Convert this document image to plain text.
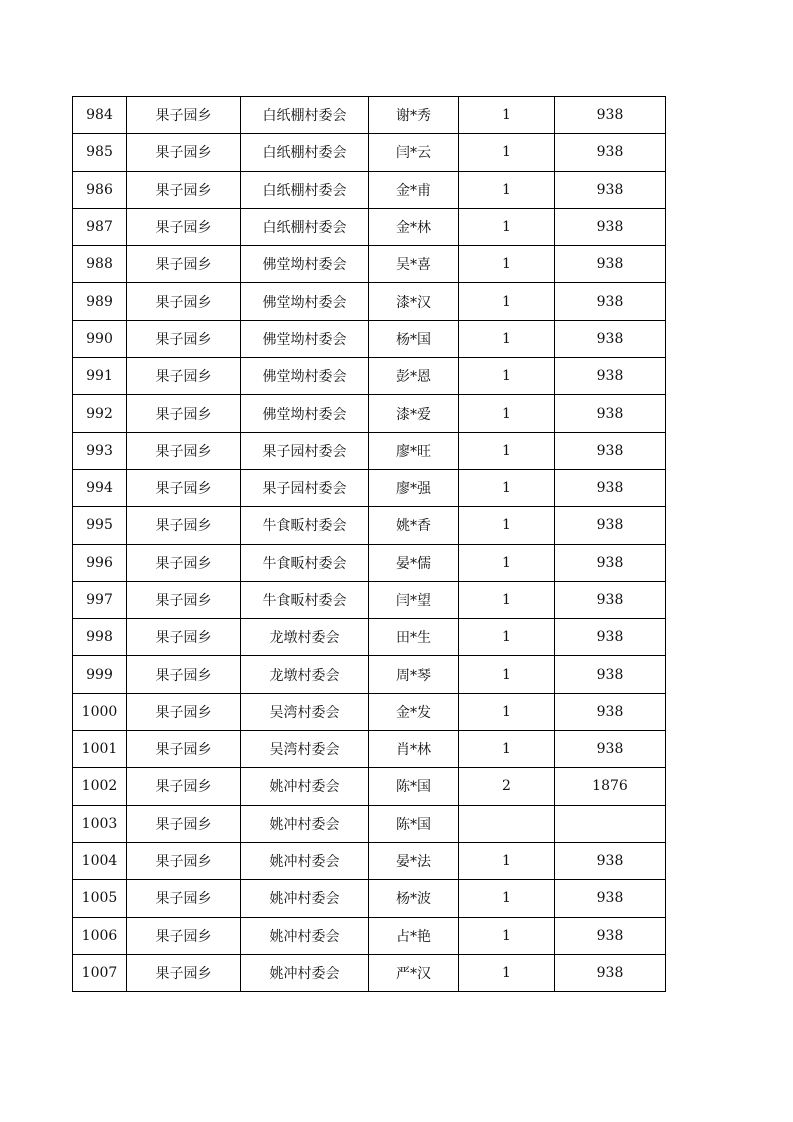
984	果子园乡	白纸棚村委会	谢*秀	1	938
985	果子园乡	白纸棚村委会	闫*云	1	938
986	果子园乡	白纸棚村委会	金*甫	1	938
987	果子园乡	白纸棚村委会	金*林	1	938
988	果子园乡	佛堂坳村委会	吴*喜	1	938
989	果子园乡	佛堂坳村委会	漆*汉	1	938
990	果子园乡	佛堂坳村委会	杨*国	1	938
991	果子园乡	佛堂坳村委会	彭*恩	1	938
992	果子园乡	佛堂坳村委会	漆*爱	1	938
993	果子园乡	果子园村委会	廖*旺	1	938
994	果子园乡	果子园村委会	廖*强	1	938
995	果子园乡	牛食畈村委会	姚*香	1	938
996	果子园乡	牛食畈村委会	晏*儒	1	938
997	果子园乡	牛食畈村委会	闫*望	1	938
998	果子园乡	龙墩村委会	田*生	1	938
999	果子园乡	龙墩村委会	周*琴	1	938
1000	果子园乡	吴湾村委会	金*发	1	938
1001	果子园乡	吴湾村委会	肖*林	1	938
1002	果子园乡	姚冲村委会	陈*国	2	1876
1003	果子园乡	姚冲村委会	陈*国		
1004	果子园乡	姚冲村委会	晏*法	1	938
1005	果子园乡	姚冲村委会	杨*波	1	938
1006	果子园乡	姚冲村委会	占*艳	1	938
1007	果子园乡	姚冲村委会	严*汉	1	938
